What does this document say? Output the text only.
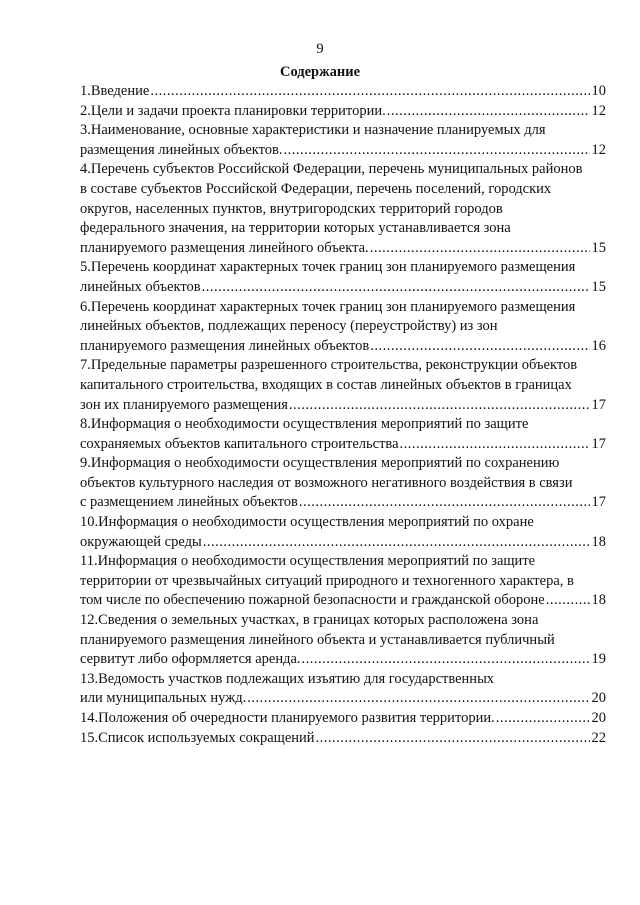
9
Содержание
1.Введение .....	10
2.Цели и задачи проекта планировки территории. .....	12
3.Наименование, основные характеристики и назначение планируемых для
размещения линейных объектов. .....	12
4.Перечень субъектов Российской Федерации, перечень муниципальных районов
в составе субъектов Российской Федерации, перечень поселений, городских
округов, населенных пунктов, внутригородских территорий городов
федерального значения, на территории которых устанавливается зона
планируемого размещения линейного объекта. .....	15
5.Перечень координат характерных точек границ зон планируемого размещения
линейных объектов .....	15
6.Перечень координат характерных точек границ зон планируемого размещения
линейных объектов, подлежащих переносу (переустройству) из зон
планируемого размещения линейных объектов .....	16
7.Предельные параметры разрешенного строительства, реконструкции объектов
капитального строительства, входящих в состав линейных объектов в границах
зон их планируемого размещения .....	17
8.Информация о необходимости осуществления мероприятий по защите
сохраняемых объектов капитального строительства .....	17
9.Информация о необходимости осуществления мероприятий по сохранению
объектов культурного наследия от возможного негативного воздействия в связи
с размещением линейных объектов .....	17
10.Информация о необходимости осуществления мероприятий по охране
окружающей среды .....	18
11.Информация о необходимости осуществления мероприятий по защите
территории от чрезвычайных ситуаций природного и техногенного характера, в
том числе по обеспечению пожарной безопасности и гражданской обороне .....	18
12.Сведения о земельных участках, в границах которых расположена зона
планируемого размещения линейного объекта и устанавливается публичный
сервитут либо оформляется аренда. .....	19
13.Ведомость участков подлежащих изъятию для государственных
или муниципальных нужд. .....	20
14.Положения об очередности планируемого развития территории. .....	20
15.Список используемых сокращений .....	22
